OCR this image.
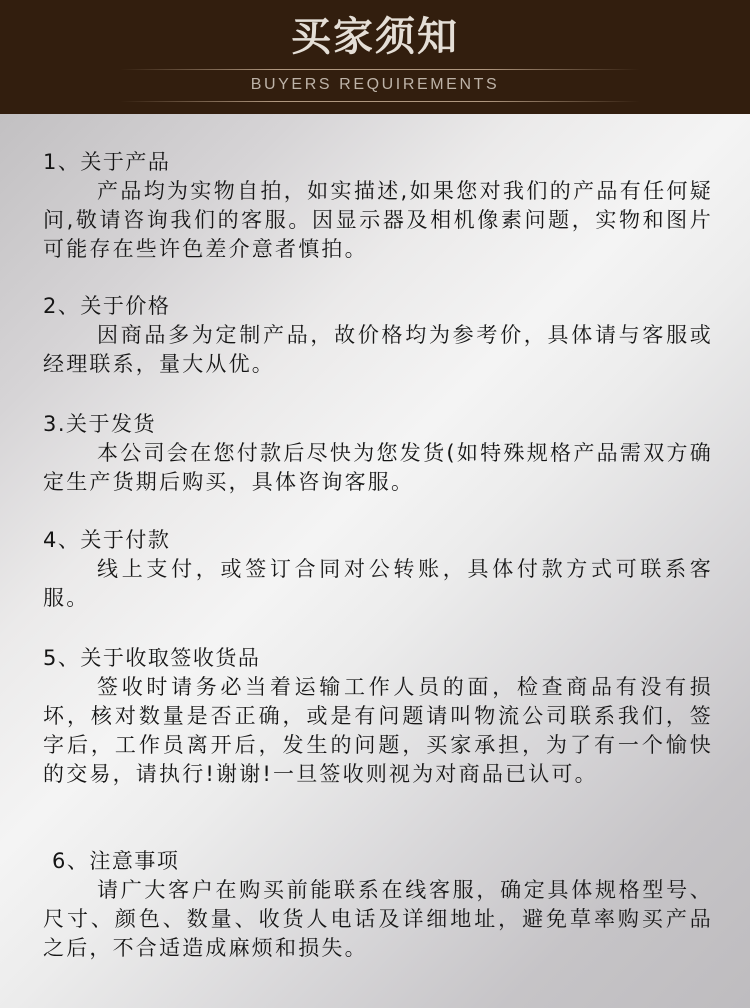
买家须知
BUYERS REQUIREMENTS
1、关于产品

产品均为实物自拍，如实描述,如果您对我们的产品有任何疑问,敬请咨询我们的客服。因显示器及相机像素问题，实物和图片可能存在些许色差介意者慎拍。

2、关于价格

因商品多为定制产品，故价格均为参考价，具体请与客服或经理联系，量大从优。

3.关于发货

本公司会在您付款后尽快为您发货(如特殊规格产品需双方确定生产货期后购买，具体咨询客服。

4、关于付款

线上支付，或签订合同对公转账，具体付款方式可联系客服。

5、关于收取签收货品

签收时请务必当着运输工作人员的面，检查商品有没有损坏，核对数量是否正确，或是有问题请叫物流公司联系我们，签字后，工作员离开后，发生的问题，买家承担，为了有一个愉快的交易，请执行!谢谢!一旦签收则视为对商品已认可。

6、注意事项

请广大客户在购买前能联系在线客服，确定具体规格型号、尺寸、颜色、数量、收货人电话及详细地址，避免草率购买产品之后，不合适造成麻烦和损失。
